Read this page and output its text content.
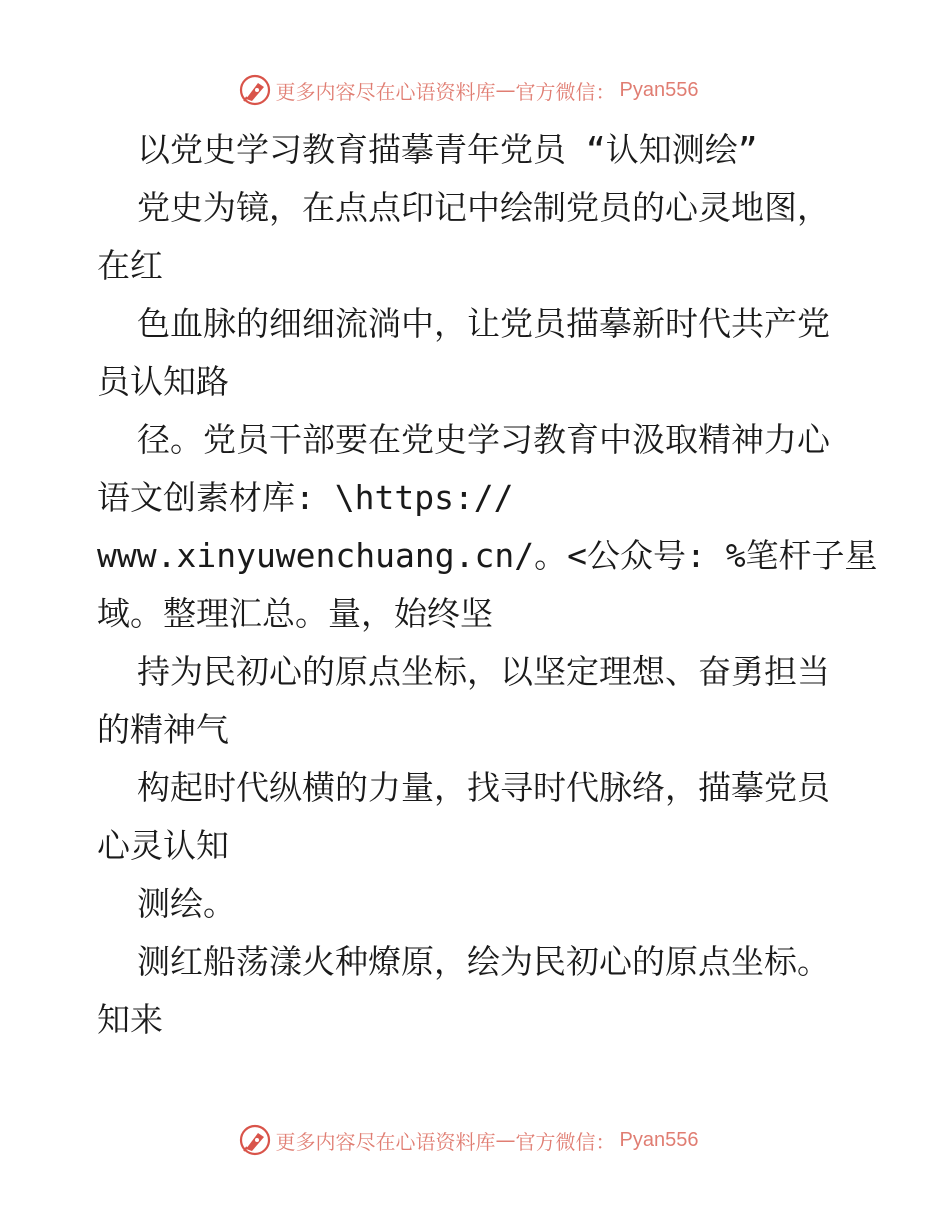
更多内容尽在心语资料库 — 官方微信： Pyan556
以党史学习教育描摹青年党员 “认知测绘”
党史为镜，在点点印记中绘制党员的心灵地图，
在红
色血脉的细细流淌中，让党员描摹新时代共产党
员认知路
径。党员干部要在党史学习教育中汲取精神力心
语文创素材库: \https://
www.xinyuwenchuang.cn/。<公众号: %笔杆子星
域。整理汇总。量，始终坚
持为民初心的原点坐标，以坚定理想、奋勇担当
的精神气
构起时代纵横的力量，找寻时代脉络，描摹党员
心灵认知
测绘。
测红船荡漾火种燎原，绘为民初心的原点坐标。
知来
更多内容尽在心语资料库 — 官方微信： Pyan556
